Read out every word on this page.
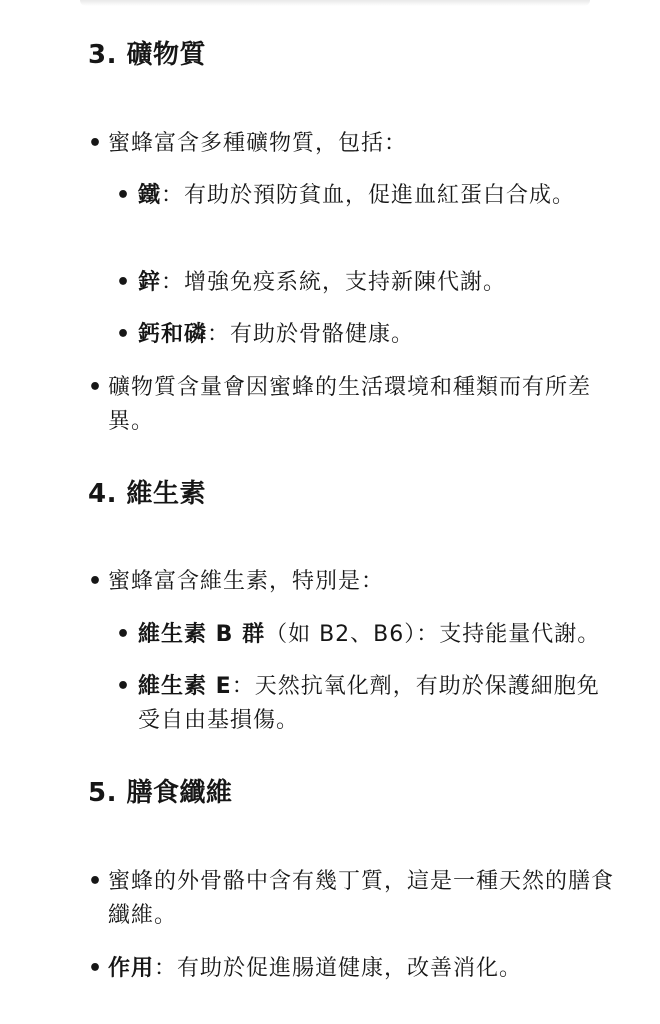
3. 礦物質
• 蜜蜂富含多種礦物質，包括：
• 鐵：有助於預防貧血，促進血紅蛋白合成。
• 鋅：增強免疫系統，支持新陳代謝。
• 鈣和磷：有助於骨骼健康。
• 礦物質含量會因蜜蜂的生活環境和種類而有所差異。
4. 維生素
• 蜜蜂富含維生素，特別是：
• 維生素 B 群（如 B2、B6）：支持能量代謝。
• 維生素 E：天然抗氧化劑，有助於保護細胞免受自由基損傷。
5. 膳食纖維
• 蜜蜂的外骨骼中含有幾丁質，這是一種天然的膳食纖維。
• 作用：有助於促進腸道健康，改善消化。
